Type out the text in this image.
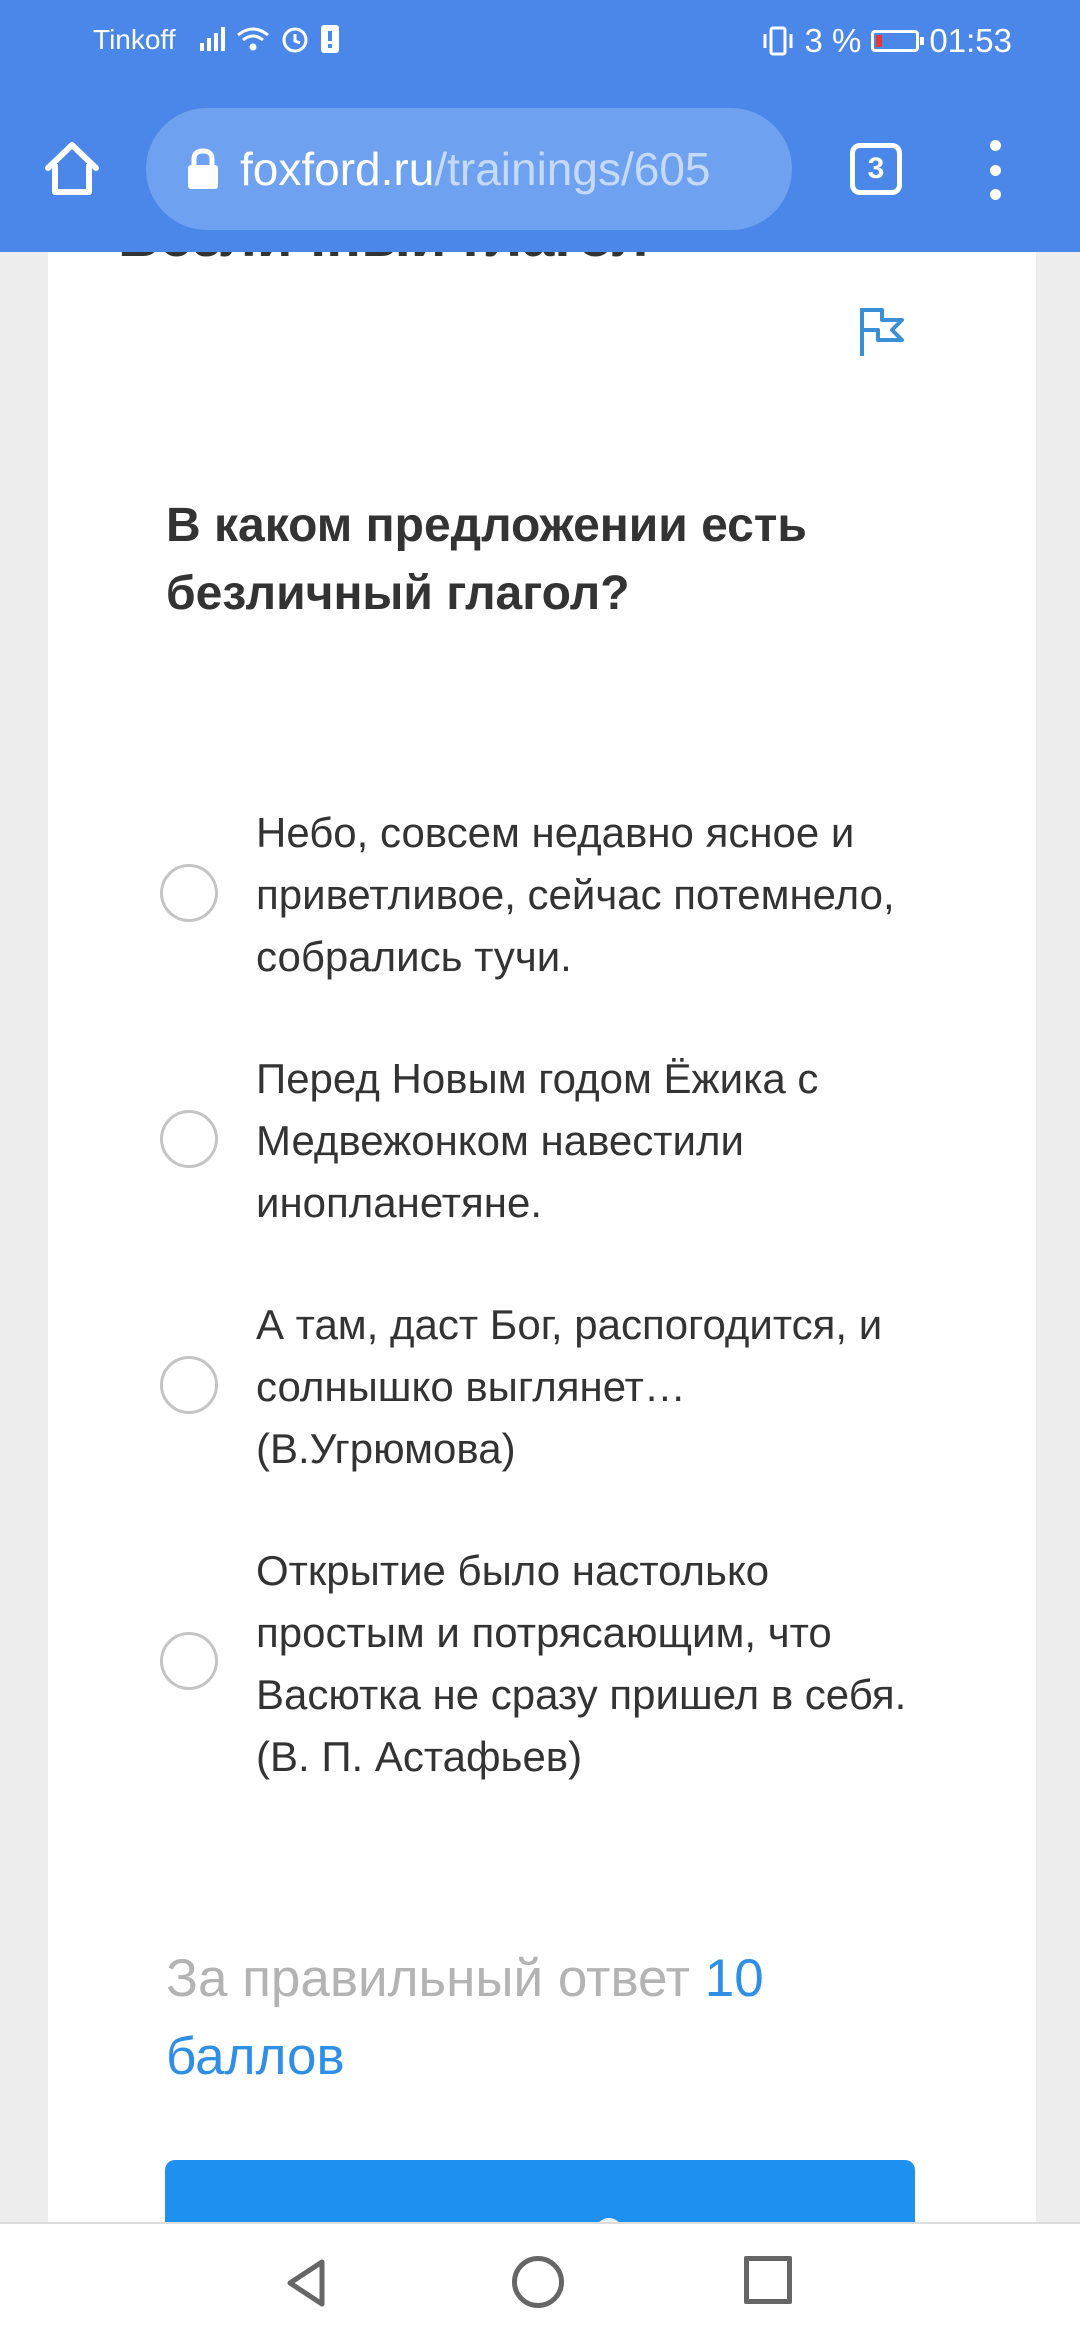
Tinkoff	3 % 01:53
foxford.ru/trainings/605	3
В каком предложении есть безличный глагол?
Небо, совсем недавно ясное и приветливое, сейчас потемнело, собрались тучи.
Перед Новым годом Ёжика с Медвежонком навестили инопланетяне.
А там, даст Бог, распогодится, и солнышко выглянет… (В.Угрюмова)
Открытие было настолько простым и потрясающим, что Васютка не сразу пришел в себя. (В. П. Астафьев)
За правильный ответ 10 баллов
